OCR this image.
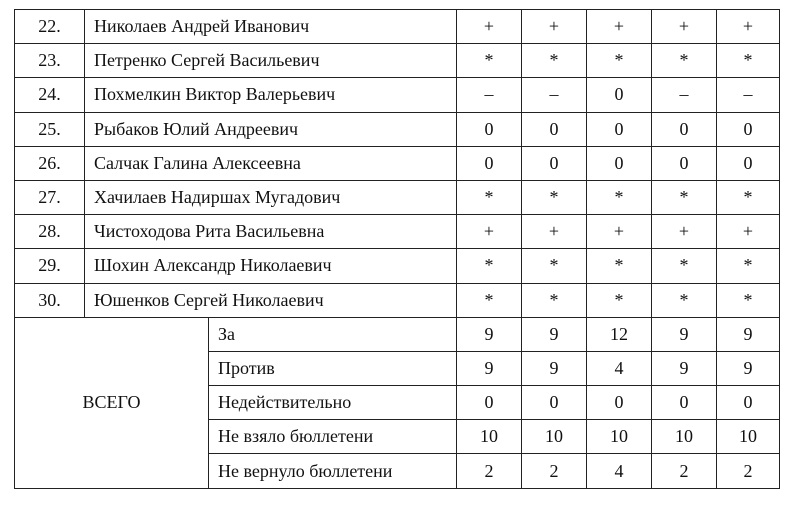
22.	Николаев Андрей Иванович		+	+	+	+	+
23.	Петренко Сергей Васильевич		*	*	*	*	*
24.	Похмелкин Виктор Валерьевич		–	–	0	–	–
25.	Рыбаков Юлий Андреевич		0	0	0	0	0
26.	Салчак Галина Алексеевна		0	0	0	0	0
27.	Хачилаев Надиршах Мугадович		*	*	*	*	*
28.	Чистоходова Рита Васильевна		+	+	+	+	+
29.	Шохин Александр Николаевич		*	*	*	*	*
30.	Юшенков Сергей Николаевич		*	*	*	*	*
ВСЕГО		За	9	9	12	9	9
		Против	9	9	4	9	9
		Недействительно	0	0	0	0	0
		Не взяло бюллетени	10	10	10	10	10
		Не вернуло бюллетени	2	2	4	2	2
